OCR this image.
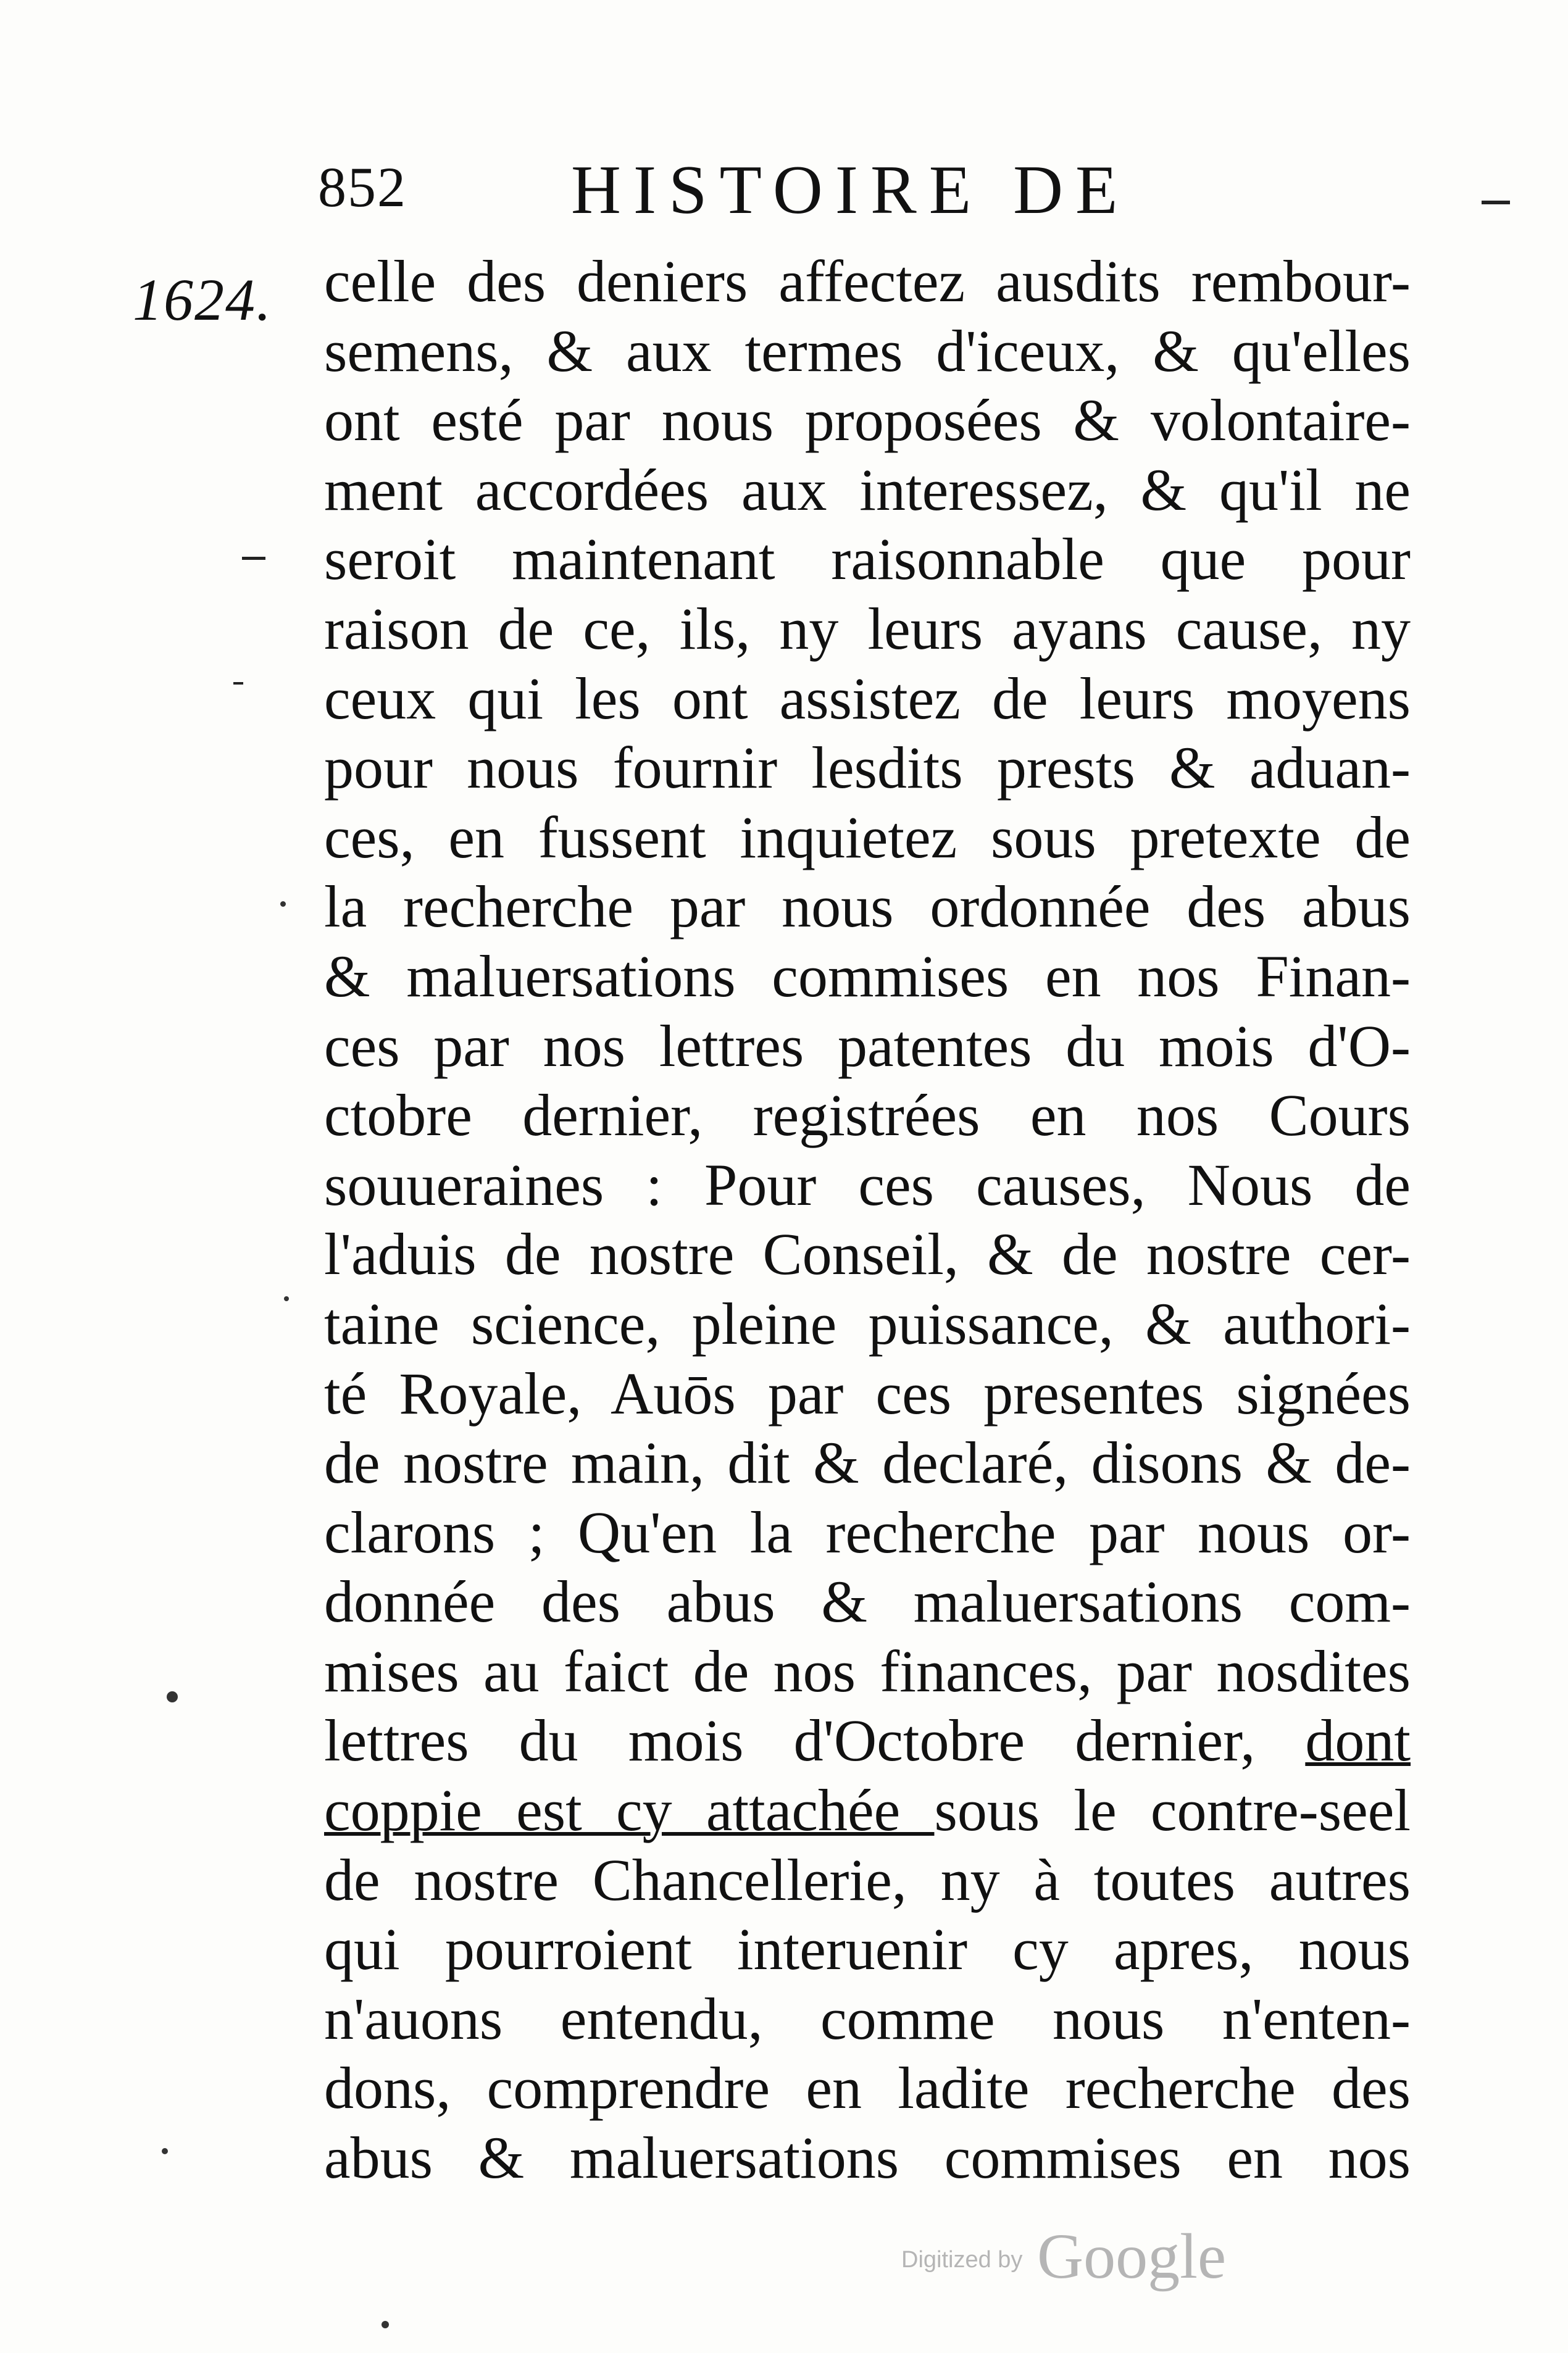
852 HISTOIRE DE
1624. celle des deniers affectez ausdits rembour-
semens, & aux termes d'iceux, & qu'elles
ont esté par nous proposées & volontaire-
ment accordées aux interessez, & qu'il ne
seroit maintenant raisonnable que pour
raison de ce, ils, ny leurs ayans cause, ny
ceux qui les ont assistez de leurs moyens
pour nous fournir lesdits prests & aduan-
ces, en fussent inquietez sous pretexte de
la recherche par nous ordonnée des abus
& maluersations commises en nos Finan-
ces par nos lettres patentes du mois d'O-
ctobre dernier, registrées en nos Cours
souueraines : Pour ces causes, Nous de
l'aduis de nostre Conseil, & de nostre cer-
taine science, pleine puissance, & authori-
té Royale, Auōs par ces presentes signées
de nostre main, dit & declaré, disons & de-
clarons ; Qu'en la recherche par nous or-
donnée des abus & maluersations com-
mises au faict de nos finances, par nosdites
lettres du mois d'Octobre dernier, dont
coppie est cy attachée sous le contre-seel
de nostre Chancellerie, ny à toutes autres
qui pourroient interuenir cy apres, nous
n'auons entendu, comme nous n'enten-
dons, comprendre en ladite recherche des
abus & maluersations commises en nos
Digitized by Google
